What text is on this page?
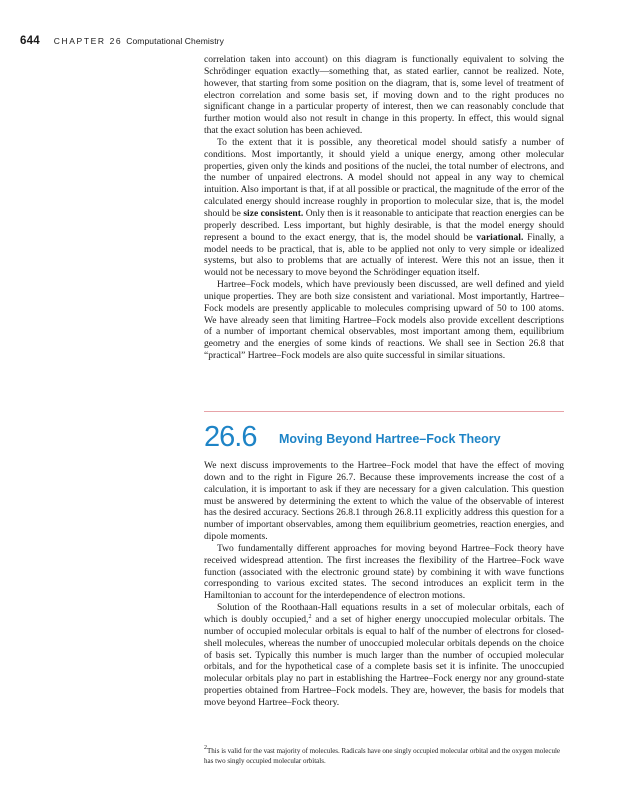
644 CHAPTER 26 Computational Chemistry

correlation taken into account) on this diagram is functionally equivalent to solving the Schrödinger equation exactly—something that, as stated earlier, cannot be realized. Note, however, that starting from some position on the diagram, that is, some level of treatment of electron correlation and some basis set, if moving down and to the right produces no significant change in a particular property of interest, then we can reasonably conclude that further motion would also not result in change in this property. In effect, this would signal that the exact solution has been achieved.

To the extent that it is possible, any theoretical model should satisfy a number of conditions. Most importantly, it should yield a unique energy, among other molecular properties, given only the kinds and positions of the nuclei, the total number of electrons, and the number of unpaired electrons. A model should not appeal in any way to chemical intuition. Also important is that, if at all possible or practical, the magnitude of the error of the calculated energy should increase roughly in proportion to molecular size, that is, the model should be size consistent. Only then is it reasonable to anticipate that reaction energies can be properly described. Less important, but highly desirable, is that the model energy should represent a bound to the exact energy, that is, the model should be variational. Finally, a model needs to be practical, that is, able to be applied not only to very simple or idealized systems, but also to problems that are actually of interest. Were this not an issue, then it would not be necessary to move beyond the Schrödinger equation itself.

Hartree–Fock models, which have previously been discussed, are well defined and yield unique properties. They are both size consistent and variational. Most importantly, Hartree–Fock models are presently applicable to molecules comprising upward of 50 to 100 atoms. We have already seen that limiting Hartree–Fock models also provide excellent descriptions of a number of important chemical observables, most important among them, equilibrium geometry and the energies of some kinds of reactions. We shall see in Section 26.8 that “practical” Hartree–Fock models are also quite successful in similar situations.

26.6 Moving Beyond Hartree–Fock Theory

We next discuss improvements to the Hartree–Fock model that have the effect of moving down and to the right in Figure 26.7. Because these improvements increase the cost of a calculation, it is important to ask if they are necessary for a given calculation. This question must be answered by determining the extent to which the value of the observable of interest has the desired accuracy. Sections 26.8.1 through 26.8.11 explicitly address this question for a number of important observables, among them equilibrium geometries, reaction energies, and dipole moments.

Two fundamentally different approaches for moving beyond Hartree–Fock theory have received widespread attention. The first increases the flexibility of the Hartree–Fock wave function (associated with the electronic ground state) by combining it with wave functions corresponding to various excited states. The second introduces an explicit term in the Hamiltonian to account for the interdependence of electron motions.

Solution of the Roothaan-Hall equations results in a set of molecular orbitals, each of which is doubly occupied,$^2$ and a set of higher energy unoccupied molecular orbitals. The number of occupied molecular orbitals is equal to half of the number of electrons for closed-shell molecules, whereas the number of unoccupied molecular orbitals depends on the choice of basis set. Typically this number is much larger than the number of occupied molecular orbitals, and for the hypothetical case of a complete basis set it is infinite. The unoccupied molecular orbitals play no part in establishing the Hartree–Fock energy nor any ground-state properties obtained from Hartree–Fock models. They are, however, the basis for models that move beyond Hartree–Fock theory.

$^2$This is valid for the vast majority of molecules. Radicals have one singly occupied molecular orbital and the oxygen molecule has two singly occupied molecular orbitals.
